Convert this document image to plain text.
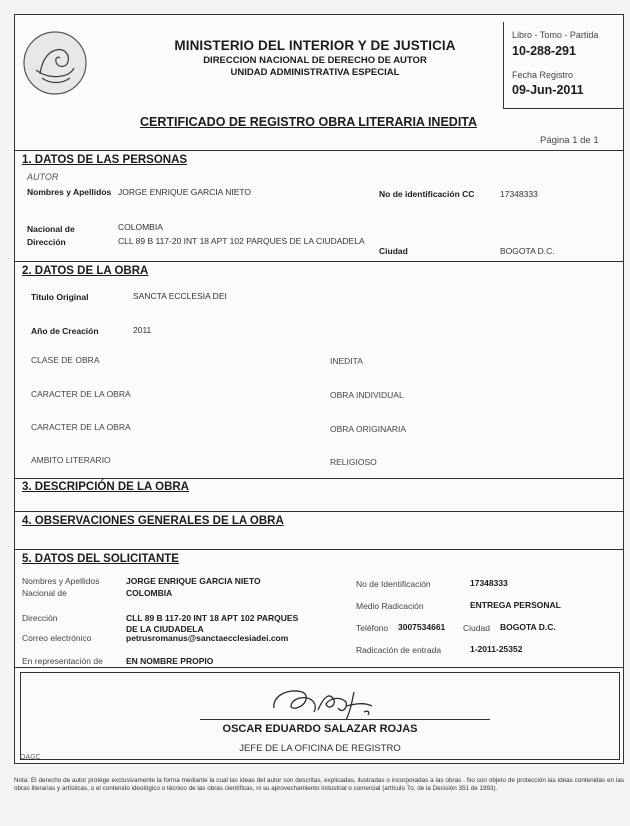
MINISTERIO DEL INTERIOR Y DE JUSTICIA
DIRECCION NACIONAL DE DERECHO DE AUTOR
UNIDAD ADMINISTRATIVA ESPECIAL
Libro - Tomo - Partida
10-288-291
Fecha Registro
09-Jun-2011
CERTIFICADO DE REGISTRO OBRA LITERARIA INEDITA
Página 1 de 1
1. DATOS DE LAS PERSONAS
AUTOR
Nombres y Apellidos JORGE ENRIQUE GARCIA NIETO	No de identificación CC	17348333
Nacional de	COLOMBIA
Dirección	CLL 89 B 117-20 INT 18 APT 102 PARQUES DE LA CIUDADELA
Ciudad	BOGOTA D.C.
2. DATOS DE LA OBRA
Titulo Original	SANCTA ECCLESIA DEI
Año de Creación	2011
CLASE DE OBRA	INEDITA
CARACTER DE LA OBRA	OBRA INDIVIDUAL
CARACTER DE LA OBRA	OBRA ORIGINARIA
AMBITO LITERARIO	RELIGIOSO
3. DESCRIPCIÓN DE LA OBRA
4. OBSERVACIONES GENERALES DE LA OBRA
5. DATOS DEL SOLICITANTE
Nombres y Apellidos	JORGE ENRIQUE GARCIA NIETO
Nacional de	COLOMBIA
Dirección	CLL 89 B 117-20 INT 18 APT 102 PARQUES
DE LA CIUDADELA
Correo electrónico	petrusromanus@sanctaecclesiadei.com
En representación de	EN NOMBRE PROPIO
No de Identificación	17348333
Medio Radicación	ENTREGA PERSONAL
Teléfono 3007534661 Ciudad BOGOTA D.C.
Radicación de entrada	1-2011-25352
OSCAR EDUARDO SALAZAR ROJAS
JEFE DE LA OFICINA DE REGISTRO
OAGC
Nota: El derecho de autor protege exclusivamente la forma mediante la cual las ideas del autor son descritas, explicadas, ilustradas o incorporadas a las obras . No son objeto de protección las ideas contenidas en las obras literarias y artísticas, o el contenido ideológico o técnico de las obras científicas, ni su aprovechamiento industrial o comercial (artículo 7o. de la Decisión 351 de 1993).
